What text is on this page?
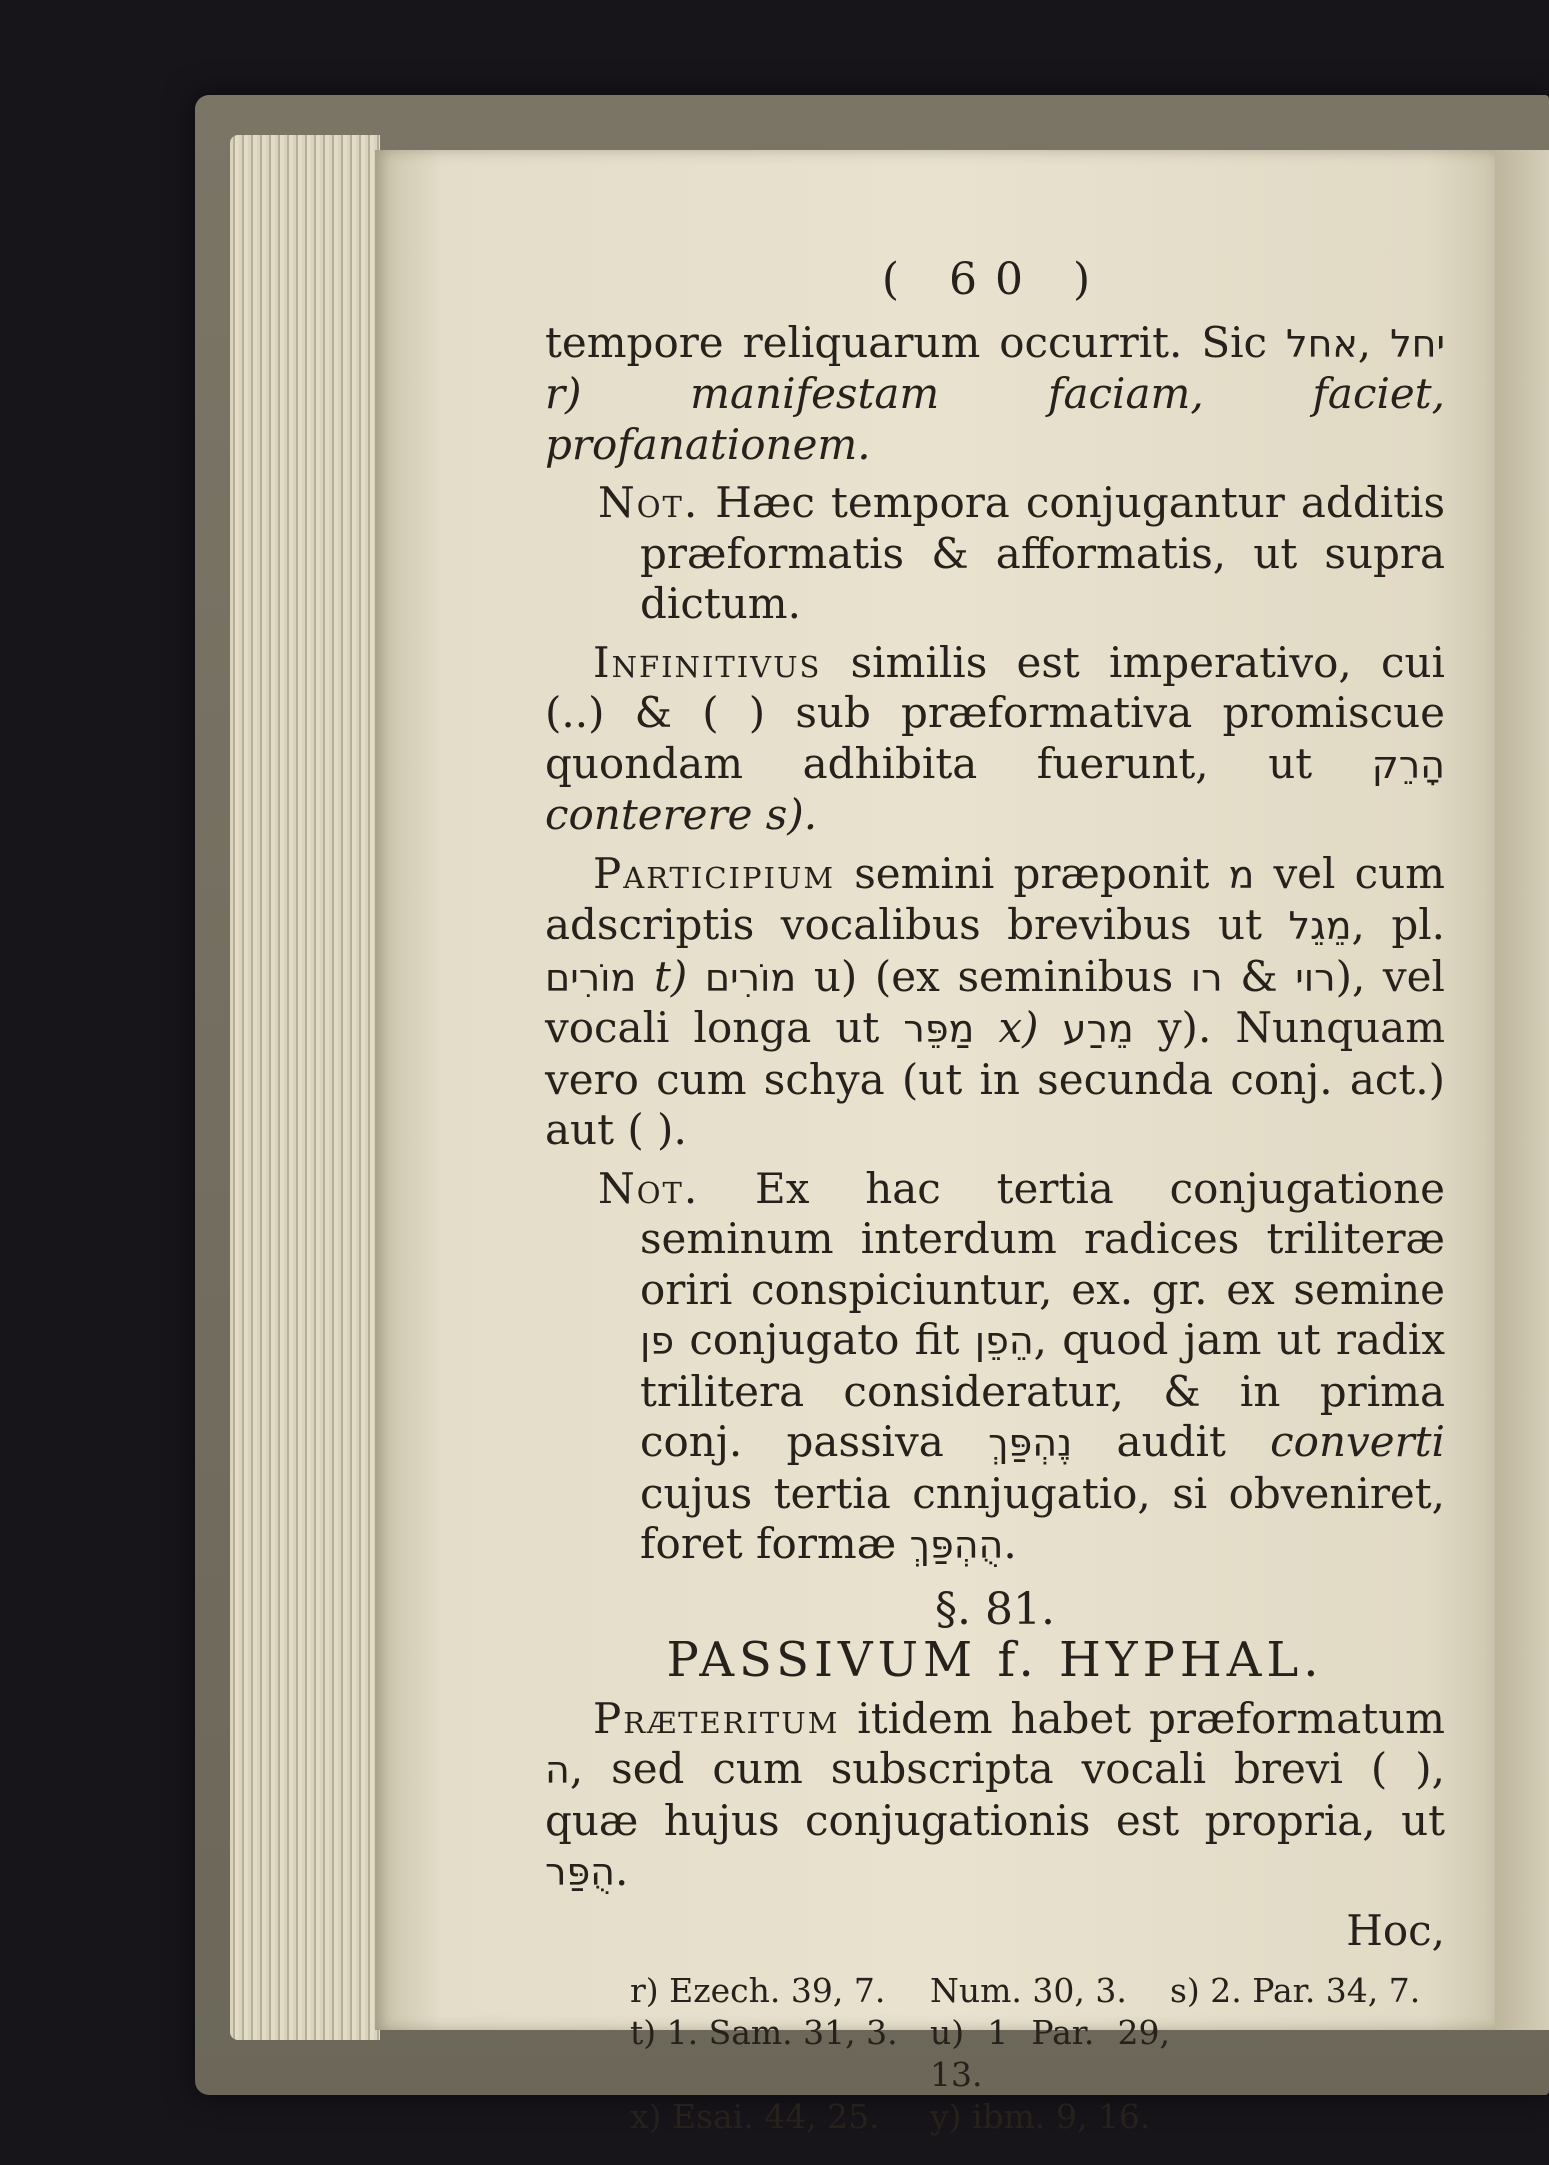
( 60 )

tempore reliquarum occurrit. Sic אחל, יחל r)	manifestam faciam, faciet, profanationem.

Not. Hæc tempora conjugantur additis præformatis & afformatis, ut supra dictum.

Infinitivus similis est imperativo, cui (..) & ( ) sub præformativa promiscue quondam adhibita fuerunt, ut הָרֵק conterere s).

Participium semini præponit מ vel cum adscriptis vocalibus brevibus ut מֵגֵל, pl. מוֹרִים t) מוֹרִים u) (ex seminibus רו & רוי), vel vocali longa ut מַפֵּר x) מֵרַע y). Nunquam vero cum schya (ut in secunda conj. act.) aut ( ).

Not. Ex hac tertia conjugatione seminum interdum radices triliteræ oriri conspiciuntur, ex. gr. ex semine פן conjugato fit הֵפֵן, quod jam ut radix trilitera consideratur, & in prima conj. passiva נֶהְפַּךְ audit converti cujus tertia cnnjugatio, si obveniret, foret formæ הֻהְפַּךְ.

§. 81.
PASSIVUM f. HYPHAL.

Præteritum itidem habet præformatum ה, sed cum subscripta vocali brevi ( ), quæ hujus conjugationis est propria, ut הֻפַּר.

Hoc,
r) Ezech. 39, 7.	Num. 30, 3.	s) 2. Par. 34, 7.
t) 1. Sam. 31, 3. u) 1 Par. 29, 13.
x) Esai. 44, 25.	y) ibm. 9, 16.
